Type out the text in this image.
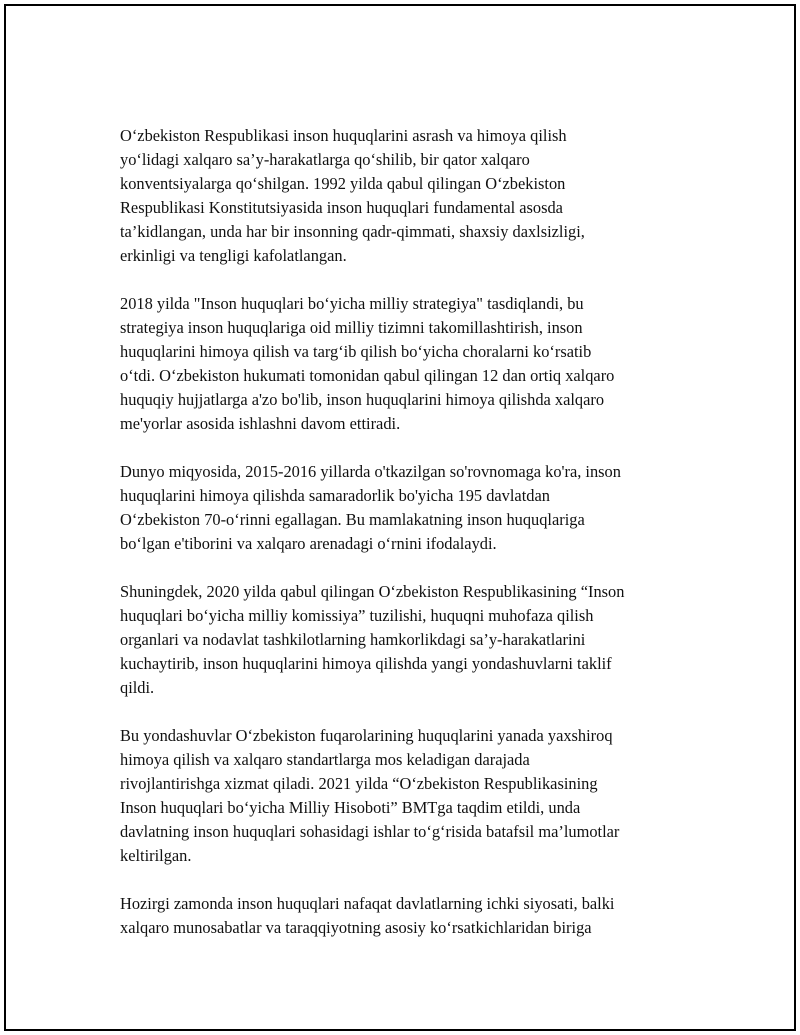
O‘zbekiston Respublikasi inson huquqlarini asrash va himoya qilish
yo‘lidagi xalqaro sa’y-harakatlarga qo‘shilib, bir qator xalqaro
konventsiyalarga qo‘shilgan. 1992 yilda qabul qilingan O‘zbekiston
Respublikasi Konstitutsiyasida inson huquqlari fundamental asosda
ta’kidlangan, unda har bir insonning qadr-qimmati, shaxsiy daxlsizligi,
erkinligi va tengligi kafolatlangan.

2018 yilda "Inson huquqlari bo‘yicha milliy strategiya" tasdiqlandi, bu
strategiya inson huquqlariga oid milliy tizimni takomillashtirish, inson
huquqlarini himoya qilish va targ‘ib qilish bo‘yicha choralarni ko‘rsatib
o‘tdi. O‘zbekiston hukumati tomonidan qabul qilingan 12 dan ortiq xalqaro
huquqiy hujjatlarga a'zo bo'lib, inson huquqlarini himoya qilishda xalqaro
me'yorlar asosida ishlashni davom ettiradi.

Dunyo miqyosida, 2015-2016 yillarda o'tkazilgan so'rovnomaga ko'ra, inson
huquqlarini himoya qilishda samaradorlik bo'yicha 195 davlatdan
O‘zbekiston 70-o‘rinni egallagan. Bu mamlakatning inson huquqlariga
bo‘lgan e'tiborini va xalqaro arenadagi o‘rnini ifodalaydi.

Shuningdek, 2020 yilda qabul qilingan O‘zbekiston Respublikasining “Inson
huquqlari bo‘yicha milliy komissiya” tuzilishi, huquqni muhofaza qilish
organlari va nodavlat tashkilotlarning hamkorlikdagi sa’y-harakatlarini
kuchaytirib, inson huquqlarini himoya qilishda yangi yondashuvlarni taklif
qildi.

Bu yondashuvlar O‘zbekiston fuqarolarining huquqlarini yanada yaxshiroq
himoya qilish va xalqaro standartlarga mos keladigan darajada
rivojlantirishga xizmat qiladi. 2021 yilda “O‘zbekiston Respublikasining
Inson huquqlari bo‘yicha Milliy Hisoboti” BMTga taqdim etildi, unda
davlatning inson huquqlari sohasidagi ishlar to‘g‘risida batafsil ma’lumotlar
keltirilgan.

Hozirgi zamonda inson huquqlari nafaqat davlatlarning ichki siyosati, balki
xalqaro munosabatlar va taraqqiyotning asosiy ko‘rsatkichlaridan biriga
